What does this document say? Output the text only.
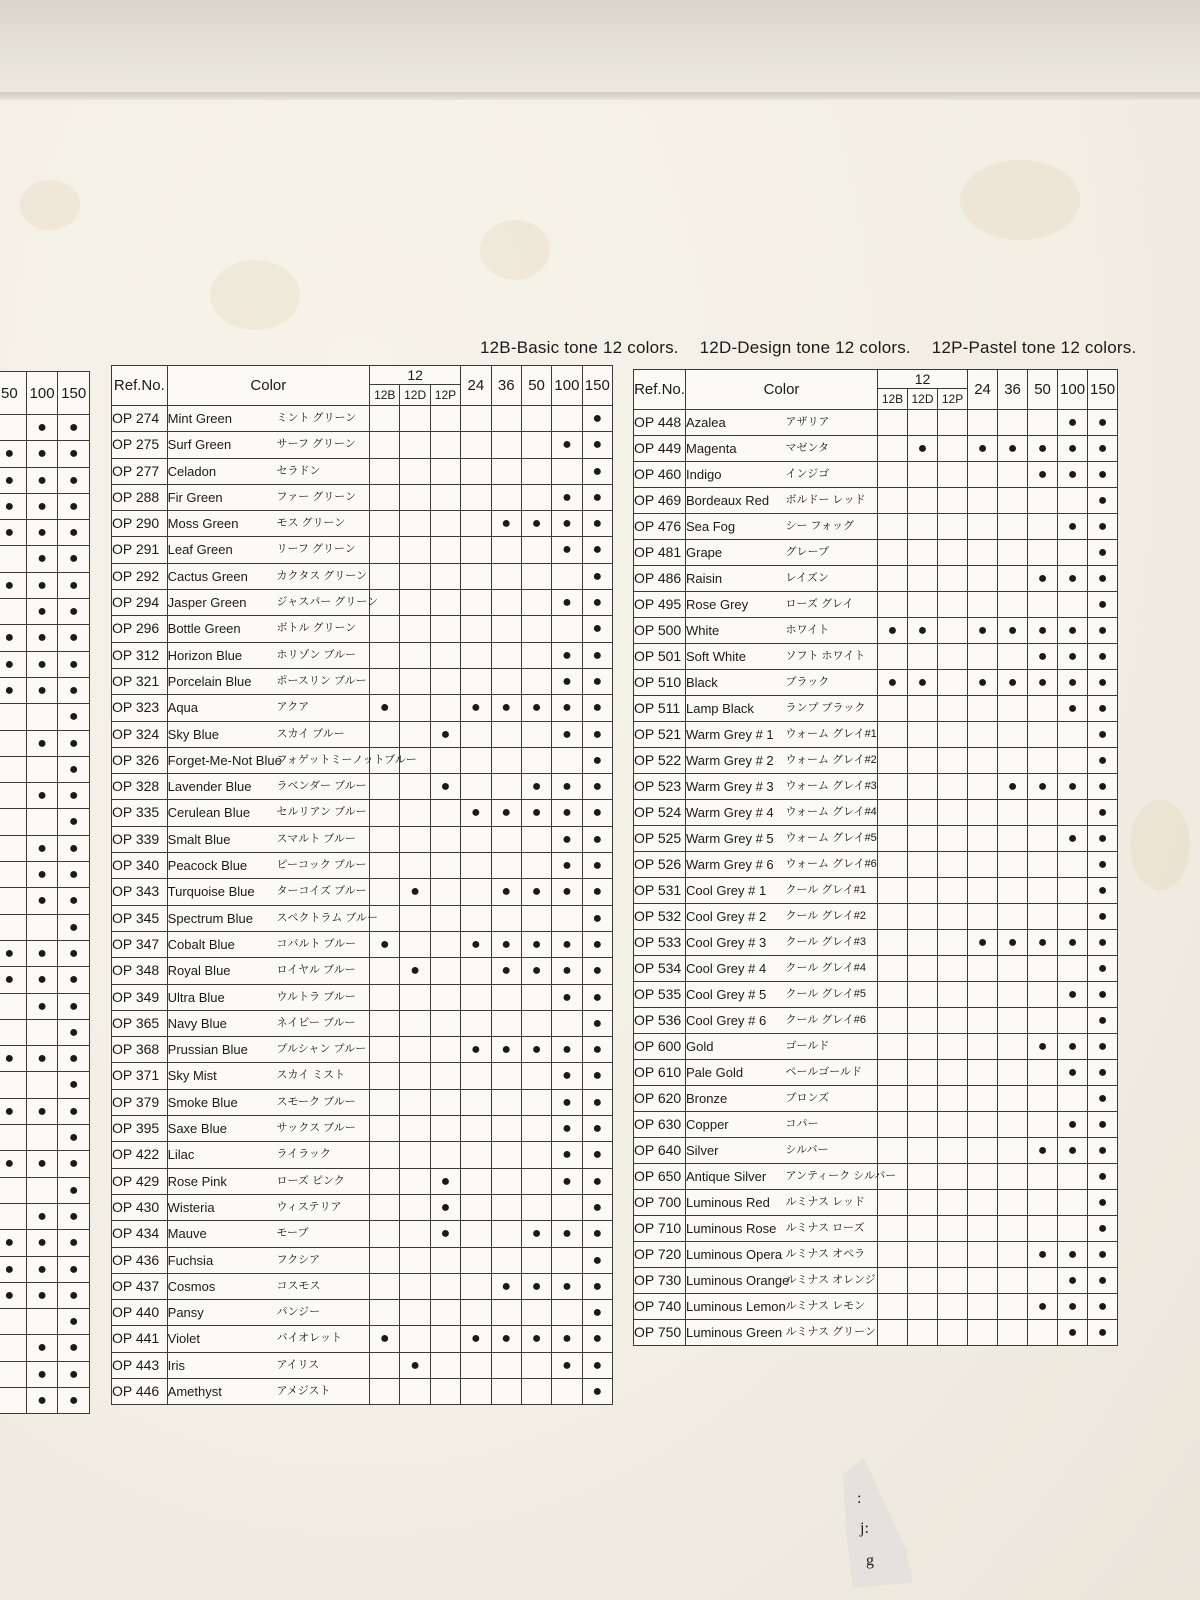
12B-Basic tone 12 colors. 12D-Design tone 12 colors. 12P-Pastel tone 12 colors.
50	100	150
	●	●
●	●	●
●	●	●
●	●	●
●	●	●
	●	●
●	●	●
	●	●
●	●	●
●	●	●
●	●	●
		●
	●	●
		●
	●	●
		●
	●	●
	●	●
	●	●
		●
●	●	●
●	●	●
	●	●
		●
●	●	●
		●
●	●	●
		●
●	●	●
		●
	●	●
●	●	●
●	●	●
●	●	●
		●
	●	●
	●	●
	●	●
Ref.No.	Color		12			24	36	50	100	150
			12B	12D	12P					
OP 274	Mint Green	ミント グリーン								●
OP 275	Surf Green	サーフ グリーン							●	●
OP 277	Celadon	セラドン								●
OP 288	Fir Green	ファー グリーン							●	●
OP 290	Moss Green	モス グリーン					●	●	●	●
OP 291	Leaf Green	リーフ グリーン							●	●
OP 292	Cactus Green	カクタス グリーン								●
OP 294	Jasper Green	ジャスパー グリーン							●	●
OP 296	Bottle Green	ボトル グリーン								●
OP 312	Horizon Blue	ホリゾン ブルー							●	●
OP 321	Porcelain Blue	ポースリン ブルー							●	●
OP 323	Aqua	アクア	●			●	●	●	●	●
OP 324	Sky Blue	スカイ ブルー			●				●	●
OP 326	Forget-Me-Not Blue	フォゲットミーノットブルー								●
OP 328	Lavender Blue	ラベンダー ブルー			●			●	●	●
OP 335	Cerulean Blue	セルリアン ブルー				●	●	●	●	●
OP 339	Smalt Blue	スマルト ブルー							●	●
OP 340	Peacock Blue	ピーコック ブルー							●	●
OP 343	Turquoise Blue	ターコイズ ブルー		●			●	●	●	●
OP 345	Spectrum Blue	スペクトラム ブルー								●
OP 347	Cobalt Blue	コバルト ブルー	●			●	●	●	●	●
OP 348	Royal Blue	ロイヤル ブルー		●			●	●	●	●
OP 349	Ultra Blue	ウルトラ ブルー							●	●
OP 365	Navy Blue	ネイビー ブルー								●
OP 368	Prussian Blue	プルシャン ブルー				●	●	●	●	●
OP 371	Sky Mist	スカイ ミスト							●	●
OP 379	Smoke Blue	スモーク ブルー							●	●
OP 395	Saxe Blue	サックス ブルー							●	●
OP 422	Lilac	ライラック							●	●
OP 429	Rose Pink	ローズ ピンク			●				●	●
OP 430	Wisteria	ウィステリア			●					●
OP 434	Mauve	モーブ			●			●	●	●
OP 436	Fuchsia	フクシア								●
OP 437	Cosmos	コスモス					●	●	●	●
OP 440	Pansy	パンジー								●
OP 441	Violet	バイオレット	●			●	●	●	●	●
OP 443	Iris	アイリス		●					●	●
OP 446	Amethyst	アメジスト								●
Ref.No.	Color		12			24	36	50	100	150
			12B	12D	12P					
OP 448	Azalea	アザリア							●	●
OP 449	Magenta	マゼンタ		●		●	●	●	●	●
OP 460	Indigo	インジゴ						●	●	●
OP 469	Bordeaux Red	ボルドー レッド								●
OP 476	Sea Fog	シー フォッグ							●	●
OP 481	Grape	グレープ								●
OP 486	Raisin	レイズン						●	●	●
OP 495	Rose Grey	ローズ グレイ								●
OP 500	White	ホワイト	●	●		●	●	●	●	●
OP 501	Soft White	ソフト ホワイト						●	●	●
OP 510	Black	ブラック	●	●		●	●	●	●	●
OP 511	Lamp Black	ランプ ブラック							●	●
OP 521	Warm Grey # 1	ウォーム グレイ#1								●
OP 522	Warm Grey # 2	ウォーム グレイ#2								●
OP 523	Warm Grey # 3	ウォーム グレイ#3					●	●	●	●
OP 524	Warm Grey # 4	ウォーム グレイ#4								●
OP 525	Warm Grey # 5	ウォーム グレイ#5							●	●
OP 526	Warm Grey # 6	ウォーム グレイ#6								●
OP 531	Cool Grey # 1	クール グレイ#1								●
OP 532	Cool Grey # 2	クール グレイ#2								●
OP 533	Cool Grey # 3	クール グレイ#3				●	●	●	●	●
OP 534	Cool Grey # 4	クール グレイ#4								●
OP 535	Cool Grey # 5	クール グレイ#5							●	●
OP 536	Cool Grey # 6	クール グレイ#6								●
OP 600	Gold	ゴールド						●	●	●
OP 610	Pale Gold	ペールゴールド							●	●
OP 620	Bronze	ブロンズ								●
OP 630	Copper	コパー							●	●
OP 640	Silver	シルバー						●	●	●
OP 650	Antique Silver	アンティーク シルバー								●
OP 700	Luminous Red	ルミナス レッド								●
OP 710	Luminous Rose	ルミナス ローズ								●
OP 720	Luminous Opera	ルミナス オペラ						●	●	●
OP 730	Luminous Orange	ルミナス オレンジ							●	●
OP 740	Luminous Lemon	ルミナス レモン						●	●	●
OP 750	Luminous Green	ルミナス グリーン							●	●
:
j:
g
